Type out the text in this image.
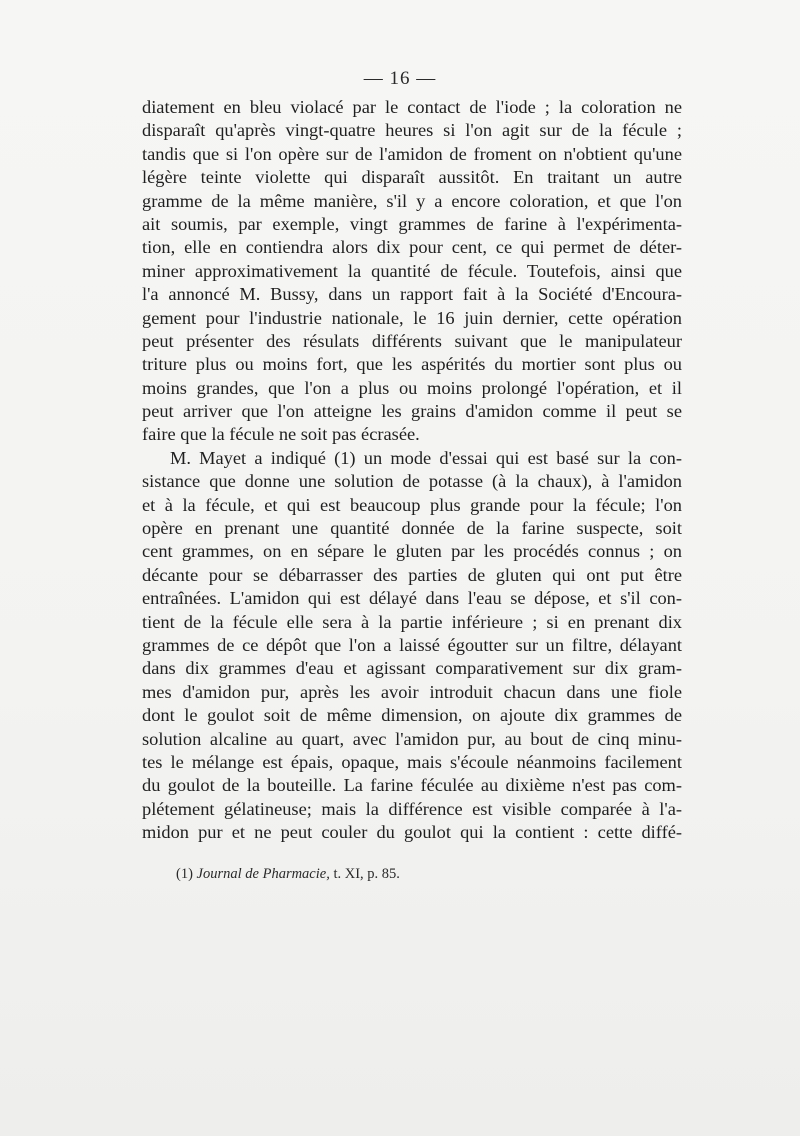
— 16 —
diatement en bleu violacé par le contact de l'iode ; la coloration ne
disparaît qu'après vingt-quatre heures si l'on agit sur de la fécule ;
tandis que si l'on opère sur de l'amidon de froment on n'obtient qu'une
légère teinte violette qui disparaît aussitôt. En traitant un autre
gramme de la même manière, s'il y a encore coloration, et que l'on
ait soumis, par exemple, vingt grammes de farine à l'expérimenta-
tion, elle en contiendra alors dix pour cent, ce qui permet de déter-
miner approximativement la quantité de fécule. Toutefois, ainsi que
l'a annoncé M. Bussy, dans un rapport fait à la Société d'Encoura-
gement pour l'industrie nationale, le 16 juin dernier, cette opération
peut présenter des résulats différents suivant que le manipulateur
triture plus ou moins fort, que les aspérités du mortier sont plus ou
moins grandes, que l'on a plus ou moins prolongé l'opération, et il
peut arriver que l'on atteigne les grains d'amidon comme il peut se
faire que la fécule ne soit pas écrasée.
M. Mayet a indiqué (1) un mode d'essai qui est basé sur la con-
sistance que donne une solution de potasse (à la chaux), à l'amidon
et à la fécule, et qui est beaucoup plus grande pour la fécule; l'on
opère en prenant une quantité donnée de la farine suspecte, soit
cent grammes, on en sépare le gluten par les procédés connus ; on
décante pour se débarrasser des parties de gluten qui ont put être
entraînées. L'amidon qui est délayé dans l'eau se dépose, et s'il con-
tient de la fécule elle sera à la partie inférieure ; si en prenant dix
grammes de ce dépôt que l'on a laissé égoutter sur un filtre, délayant
dans dix grammes d'eau et agissant comparativement sur dix gram-
mes d'amidon pur, après les avoir introduit chacun dans une fiole
dont le goulot soit de même dimension, on ajoute dix grammes de
solution alcaline au quart, avec l'amidon pur, au bout de cinq minu-
tes le mélange est épais, opaque, mais s'écoule néanmoins facilement
du goulot de la bouteille. La farine féculée au dixième n'est pas com-
plétement gélatineuse; mais la différence est visible comparée à l'a-
midon pur et ne peut couler du goulot qui la contient : cette diffé-
(1) Journal de Pharmacie, t. XI, p. 85.
